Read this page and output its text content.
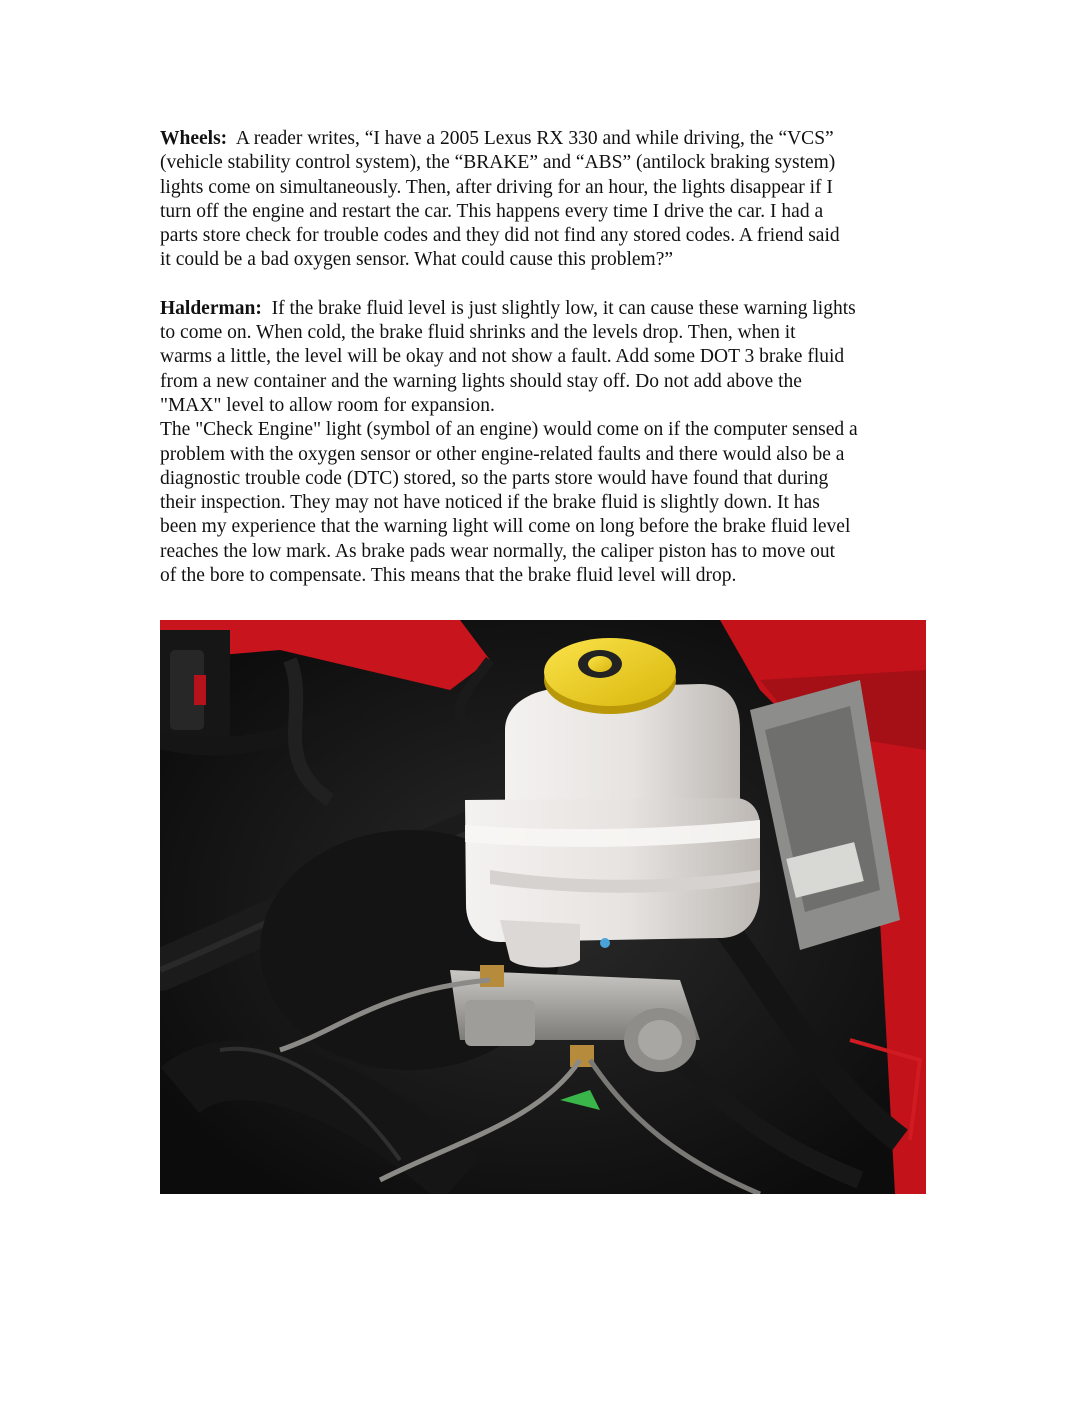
Wheels: A reader writes, “I have a 2005 Lexus RX 330 and while driving, the “VCS”
(vehicle stability control system), the “BRAKE” and “ABS” (antilock braking system)
lights come on simultaneously. Then, after driving for an hour, the lights disappear if I
turn off the engine and restart the car. This happens every time I drive the car. I had a
parts store check for trouble codes and they did not find any stored codes. A friend said
it could be a bad oxygen sensor. What could cause this problem?”
Halderman: If the brake fluid level is just slightly low, it can cause these warning lights
to come on. When cold, the brake fluid shrinks and the levels drop. Then, when it
warms a little, the level will be okay and not show a fault. Add some DOT 3 brake fluid
from a new container and the warning lights should stay off. Do not add above the
"MAX" level to allow room for expansion.
The "Check Engine" light (symbol of an engine) would come on if the computer sensed a
problem with the oxygen sensor or other engine-related faults and there would also be a
diagnostic trouble code (DTC) stored, so the parts store would have found that during
their inspection. They may not have noticed if the brake fluid is slightly down. It has
been my experience that the warning light will come on long before the brake fluid level
reaches the low mark. As brake pads wear normally, the caliper piston has to move out
of the bore to compensate. This means that the brake fluid level will drop.
